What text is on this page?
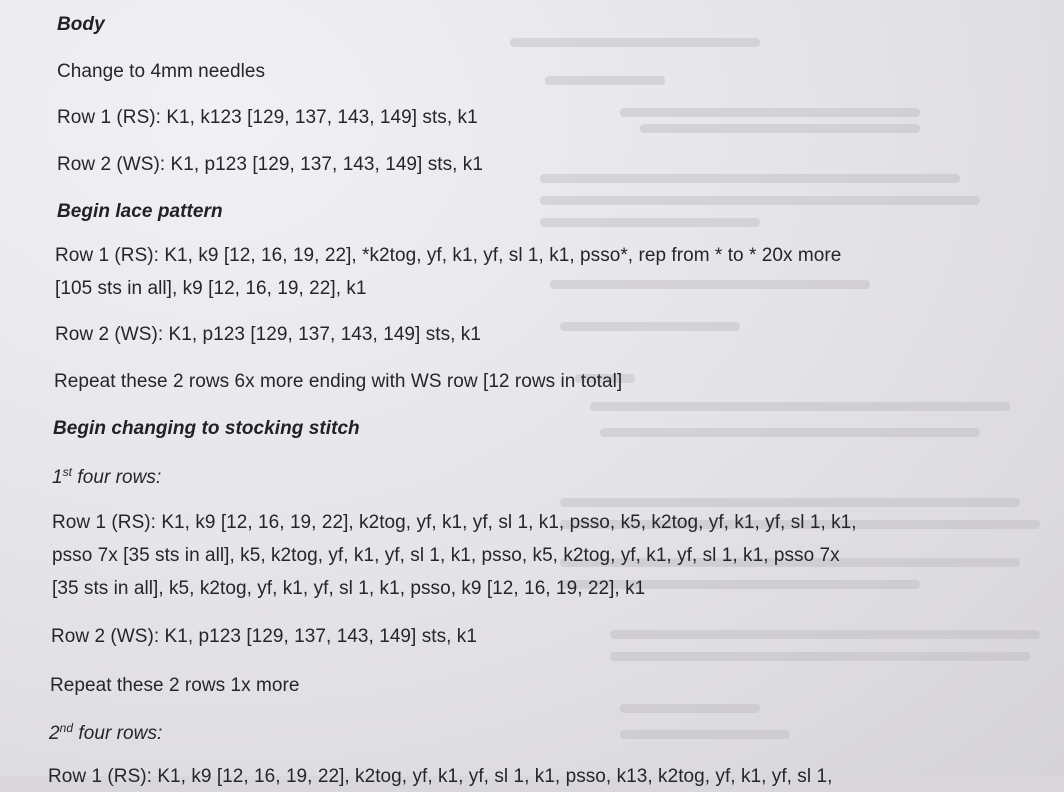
Body
Change to 4mm needles
Row 1 (RS): K1, k123 [129, 137, 143, 149] sts, k1
Row 2 (WS): K1, p123 [129, 137, 143, 149] sts, k1
Begin lace pattern
Row 1 (RS): K1, k9 [12, 16, 19, 22], *k2tog, yf, k1, yf, sl 1, k1, psso*, rep from * to * 20x more
[105 sts in all], k9 [12, 16, 19, 22], k1
Row 2 (WS): K1, p123 [129, 137, 143, 149] sts, k1
Repeat these 2 rows 6x more ending with WS row [12 rows in total]
Begin changing to stocking stitch
1st four rows:
Row 1 (RS): K1, k9 [12, 16, 19, 22], k2tog, yf, k1, yf, sl 1, k1, psso, k5, k2tog, yf, k1, yf, sl 1, k1,
psso 7x [35 sts in all], k5, k2tog, yf, k1, yf, sl 1, k1, psso, k5, k2tog, yf, k1, yf, sl 1, k1, psso 7x
[35 sts in all], k5, k2tog, yf, k1, yf, sl 1, k1, psso, k9 [12, 16, 19, 22], k1
Row 2 (WS): K1, p123 [129, 137, 143, 149] sts, k1
Repeat these 2 rows 1x more
2nd four rows:
Row 1 (RS): K1, k9 [12, 16, 19, 22], k2tog, yf, k1, yf, sl 1, k1, psso, k13, k2tog, yf, k1, yf, sl 1,
